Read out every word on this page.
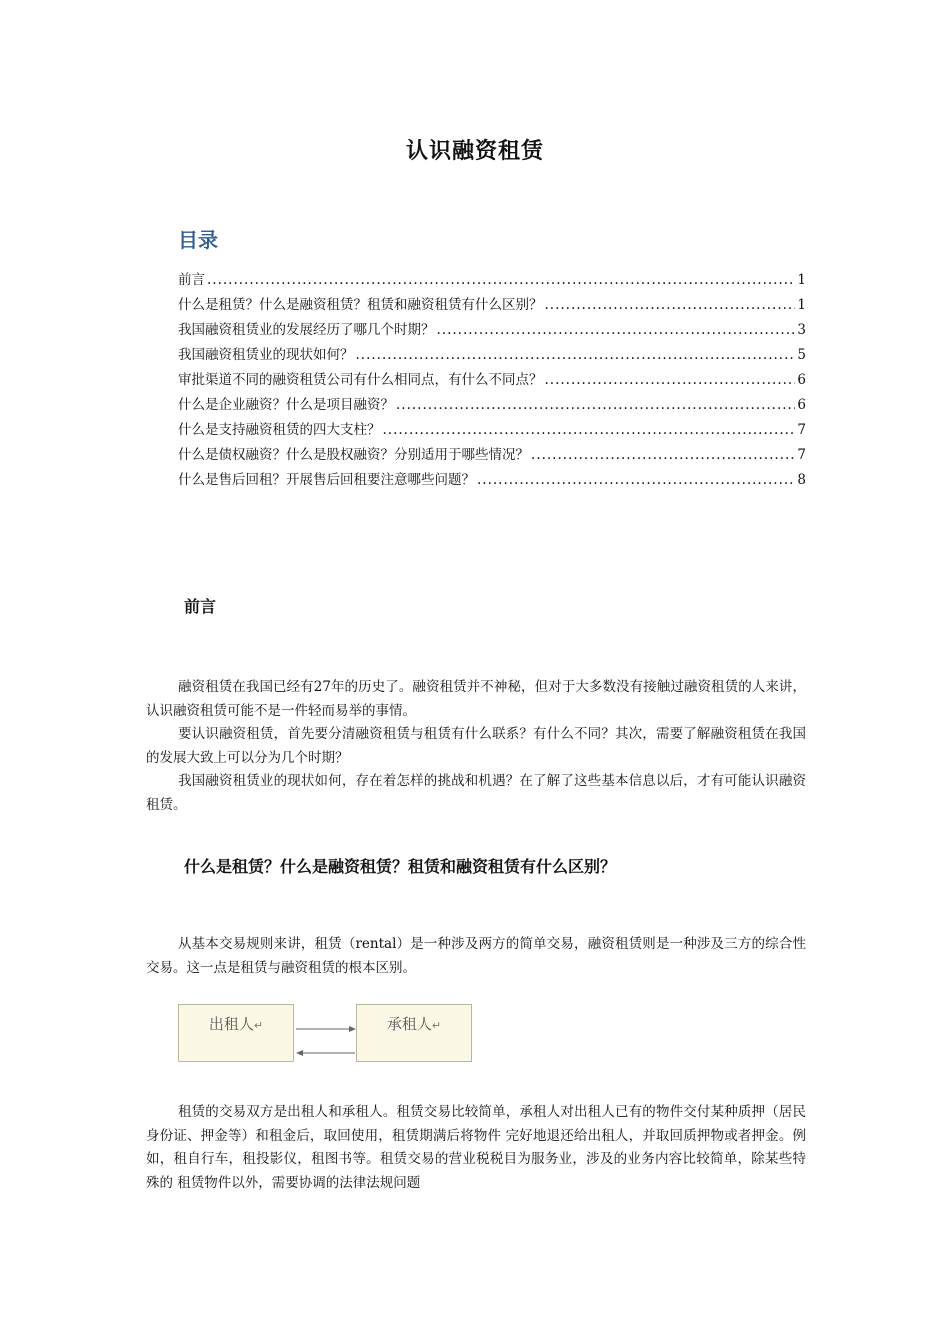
认识融资租赁
目录
前言 .....	1
什么是租赁？什么是融资租赁？租赁和融资租赁有什么区别？ .....	1
我国融资租赁业的发展经历了哪几个时期？ .....	3
我国融资租赁业的现状如何？ .....	5
审批渠道不同的融资租赁公司有什么相同点，有什么不同点？ .....	6
什么是企业融资？什么是项目融资？ .....	6
什么是支持融资租赁的四大支柱？ .....	7
什么是债权融资？什么是股权融资？分别适用于哪些情况？ .....	7
什么是售后回租？开展售后回租要注意哪些问题？ .....	8
前言

融资租赁在我国已经有27年的历史了。融资租赁并不神秘，但对于大多数没有接触过融资租赁的人来讲，认识融资租赁可能不是一件轻而易举的事情。

要认识融资租赁，首先要分清融资租赁与租赁有什么联系？有什么不同？其次，需要了解融资租赁在我国的发展大致上可以分为几个时期？

我国融资租赁业的现状如何，存在着怎样的挑战和机遇？在了解了这些基本信息以后，才有可能认识融资租赁。

什么是租赁？什么是融资租赁？租赁和融资租赁有什么区别？

从基本交易规则来讲，租赁（rental）是一种涉及两方的简单交易，融资租赁则是一种涉及三方的综合性交易。这一点是租赁与融资租赁的根本区别。

出租人↵	承租人↵

租赁的交易双方是出租人和承租人。租赁交易比较简单，承租人对出租人已有的物件交付某种质押（居民身份证、押金等）和租金后，取回使用，租赁期满后将物件 完好地退还给出租人，并取回质押物或者押金。例如，租自行车，租投影仪，租图书等。租赁交易的营业税税目为服务业，涉及的业务内容比较简单，除某些特殊的 租赁物件以外，需要协调的法律法规问题
